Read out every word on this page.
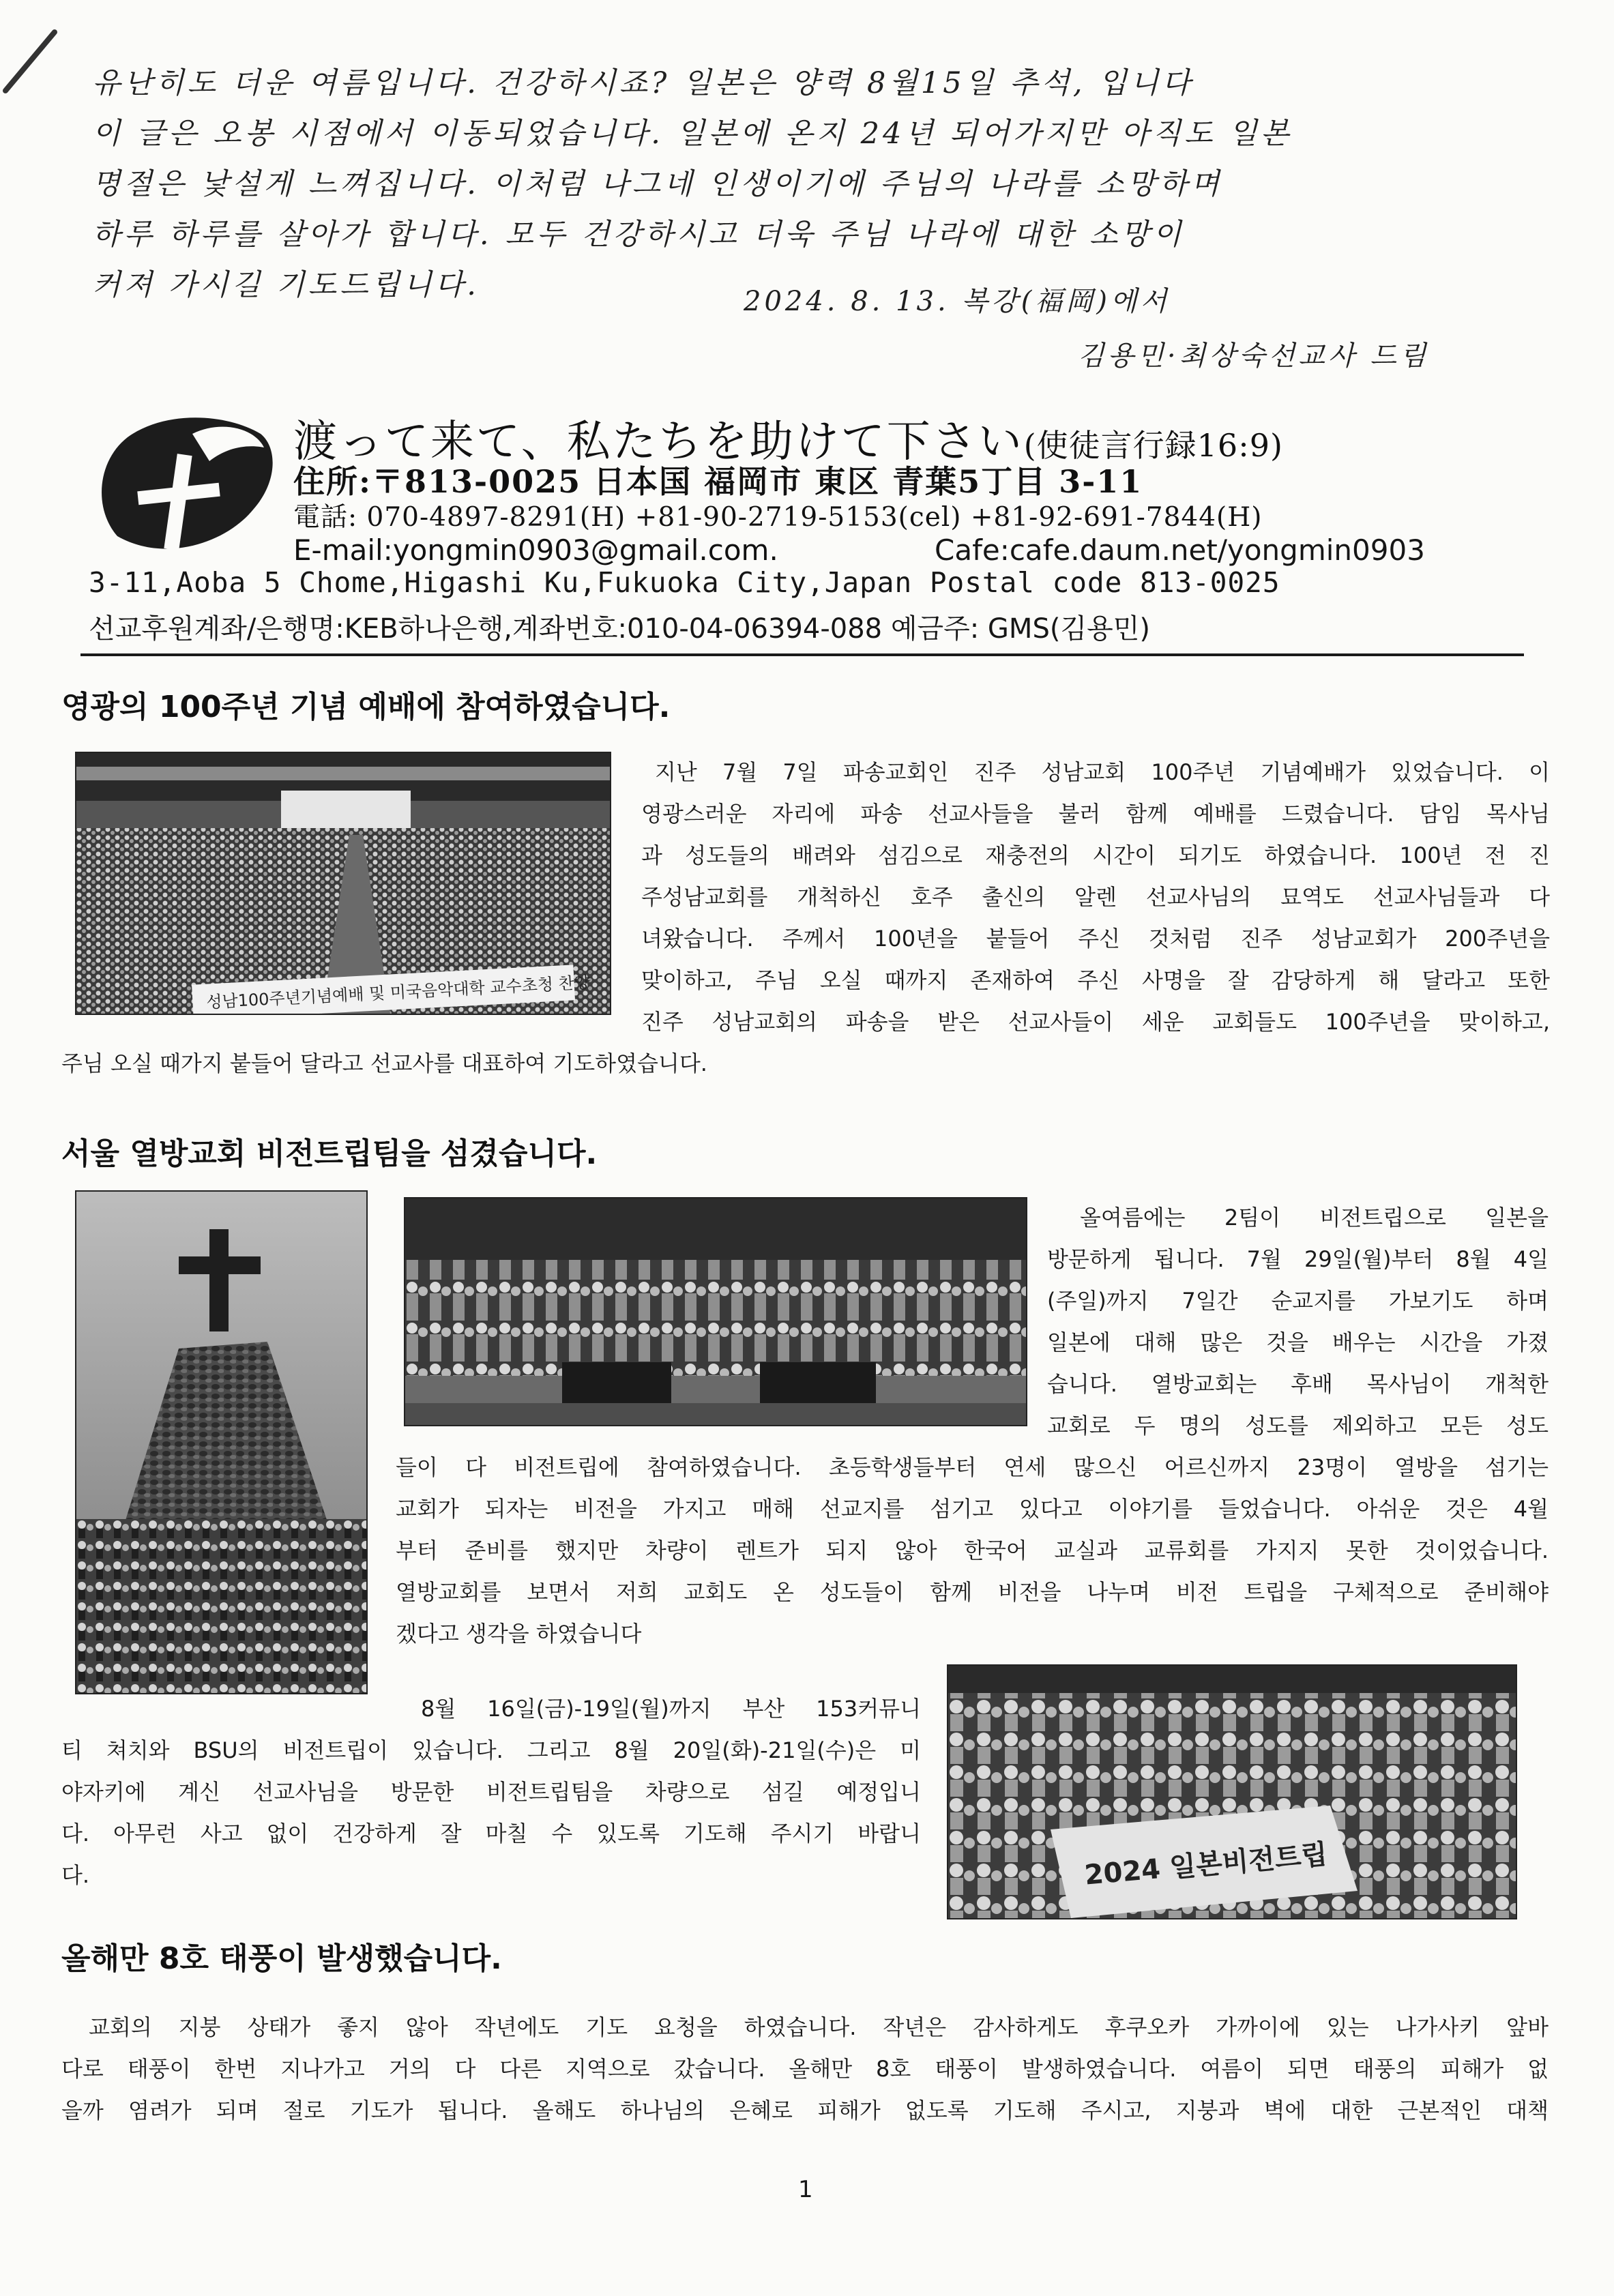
유난히도 더운 여름입니다. 건강하시죠? 일본은 양력 8월15일 추석, 입니다
이 글은 오봉 시점에서 이동되었습니다. 일본에 온지 24년 되어가지만 아직도 일본
명절은 낯설게 느껴집니다. 이처럼 나그네 인생이기에 주님의 나라를 소망하며
하루 하루를 살아가 합니다. 모두 건강하시고 더욱 주님 나라에 대한 소망이
커져 가시길 기도드립니다.	2024. 8. 13. 복강(福岡)에서
김용민·최상숙선교사 드림
渡って来て、私たちを助けて下さい(使徒言行録16:9)
住所:〒813-0025 日本国 福岡市 東区 青葉5丁目 3-11
電話: 070-4897-8291(H) +81-90-2719-5153(cel) +81-92-691-7844(H)
E-mail:yongmin0903@gmail.com.	Cafe:cafe.daum.net/yongmin0903
3-11,Aoba 5 Chome,Higashi Ku,Fukuoka City,Japan Postal code 813-0025
선교후원계좌/은행명:KEB하나은행,계좌번호:010-04-06394-088 예금주: GMS(김용민)
영광의 100주년 기념 예배에 참여하였습니다.
성남100주년기념예배 및 미국음악대학 교수초청 찬양
지난 7월 7일 파송교회인 진주 성남교회 100주년 기념예배가 있었습니다. 이
영광스러운 자리에 파송 선교사들을 불러 함께 예배를 드렸습니다. 담임 목사님
과 성도들의 배려와 섬김으로 재충전의 시간이 되기도 하였습니다. 100년 전 진
주성남교회를 개척하신 호주 출신의 알렌 선교사님의 묘역도 선교사님들과 다
녀왔습니다. 주께서 100년을 붙들어 주신 것처럼 진주 성남교회가 200주년을
맞이하고, 주님 오실 때까지 존재하여 주신 사명을 잘 감당하게 해 달라고 또한
진주 성남교회의 파송을 받은 선교사들이 세운 교회들도 100주년을 맞이하고,
주님 오실 때가지 붙들어 달라고 선교사를 대표하여 기도하였습니다.
서울 열방교회 비전트립팀을 섬겼습니다.
올여름에는 2팀이 비전트립으로 일본을
방문하게 됩니다. 7월 29일(월)부터 8월 4일
(주일)까지 7일간 순교지를 가보기도 하며
일본에 대해 많은 것을 배우는 시간을 가졌
습니다. 열방교회는 후배 목사님이 개척한
교회로 두 명의 성도를 제외하고 모든 성도
들이 다 비전트립에 참여하였습니다. 초등학생들부터 연세 많으신 어르신까지 23명이 열방을 섬기는
교회가 되자는 비전을 가지고 매해 선교지를 섬기고 있다고 이야기를 들었습니다. 아쉬운 것은 4월
부터 준비를 했지만 차량이 렌트가 되지 않아 한국어 교실과 교류회를 가지지 못한 것이었습니다.
열방교회를 보면서 저희 교회도 온 성도들이 함께 비전을 나누며 비전 트립을 구체적으로 준비해야
겠다고 생각을 하였습니다
2024 일본비전트립
8월 16일(금)-19일(월)까지 부산 153커뮤니
티 쳐치와 BSU의 비전트립이 있습니다. 그리고 8월 20일(화)-21일(수)은 미
야자키에 계신 선교사님을 방문한 비전트립팀을 차량으로 섬길 예정입니
다. 아무런 사고 없이 건강하게 잘 마칠 수 있도록 기도해 주시기 바랍니
다.
올해만 8호 태풍이 발생했습니다.
교회의 지붕 상태가 좋지 않아 작년에도 기도 요청을 하였습니다. 작년은 감사하게도 후쿠오카 가까이에 있는 나가사키 앞바
다로 태풍이 한번 지나가고 거의 다 다른 지역으로 갔습니다. 올해만 8호 태풍이 발생하였습니다. 여름이 되면 태풍의 피해가 없
을까 염려가 되며 절로 기도가 됩니다. 올해도 하나님의 은혜로 피해가 없도록 기도해 주시고, 지붕과 벽에 대한 근본적인 대책
1
